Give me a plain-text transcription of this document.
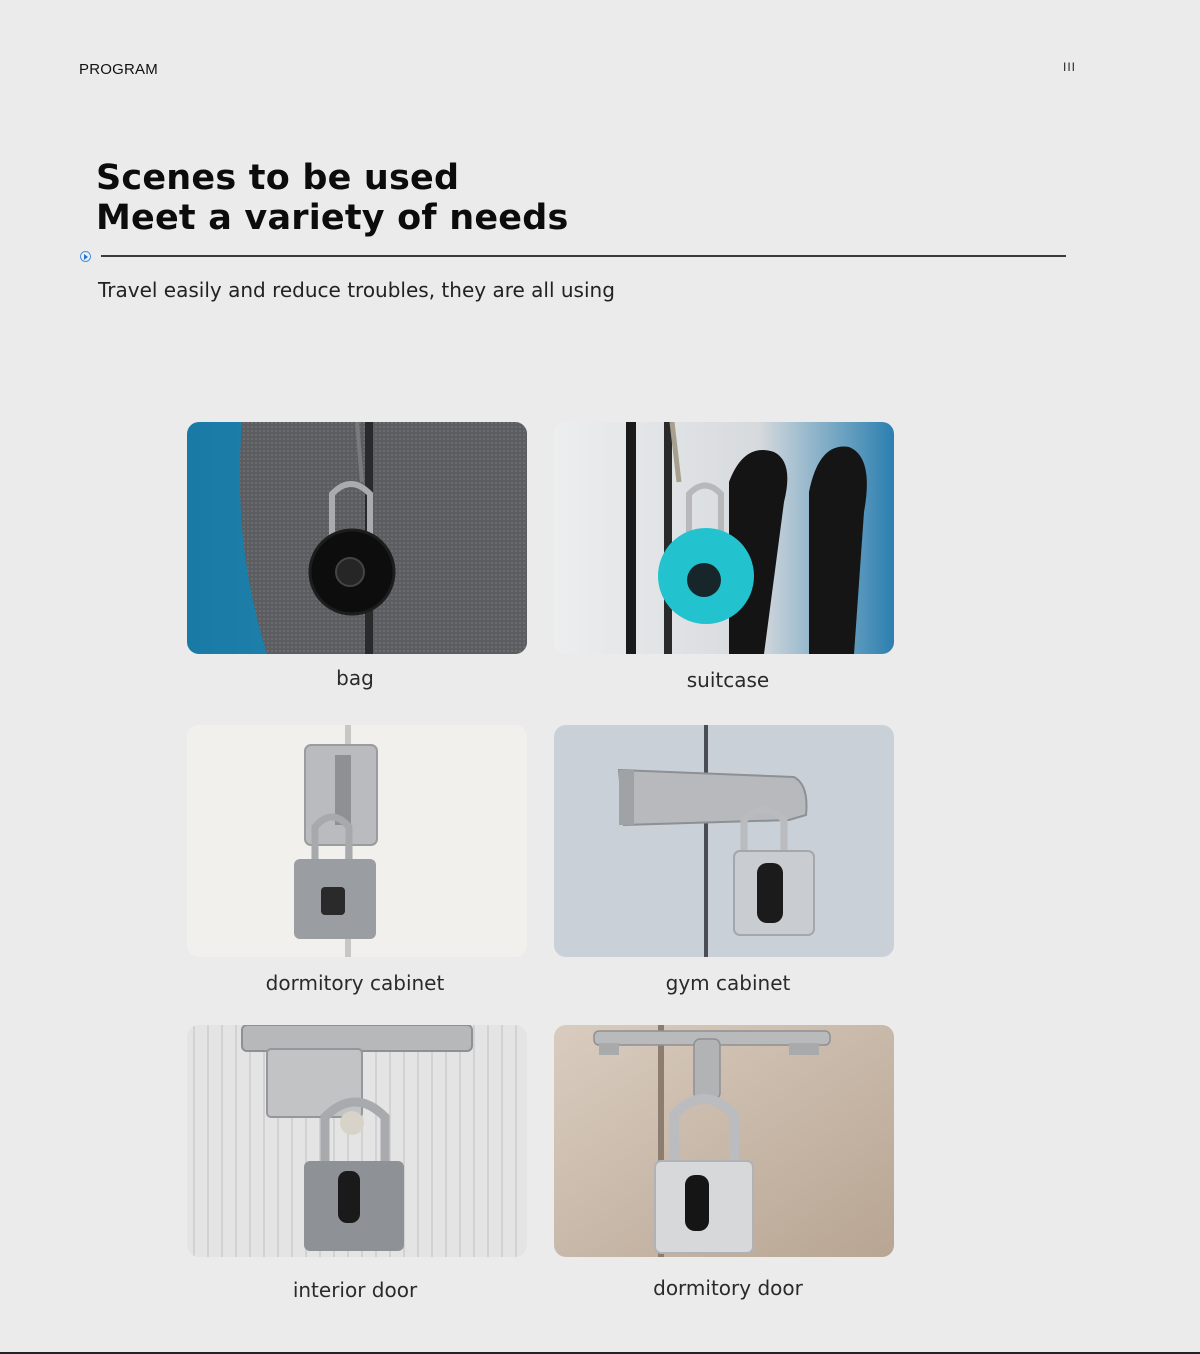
PROGRAM	III
Scenes to be used
Meet a variety of needs
Travel easily and reduce troubles, they are all using
bag	suitcase
dormitory cabinet	gym cabinet
interior door	dormitory door
